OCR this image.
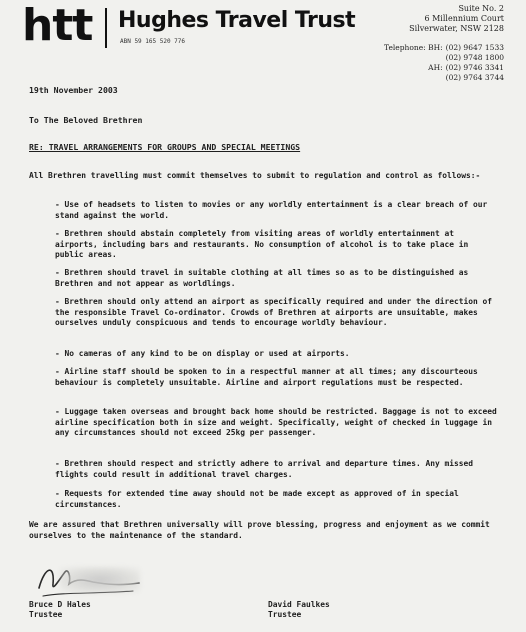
htt Hughes Travel Trust
ABN 59 165 520 776
Suite No. 2
6 Millennium Court
Silverwater, NSW 2128
Telephone: BH: (02) 9647 1533
(02) 9748 1800
AH: (02) 9746 3341
(02) 9764 3744
19th November 2003
To The Beloved Brethren
RE: TRAVEL ARRANGEMENTS FOR GROUPS AND SPECIAL MEETINGS
All Brethren travelling must commit themselves to submit to regulation and control as follows:-
- Use of headsets to listen to movies or any worldly entertainment is a clear breach of our stand against the world.
- Brethren should abstain completely from visiting areas of worldly entertainment at airports, including bars and restaurants. No consumption of alcohol is to take place in public areas.
- Brethren should travel in suitable clothing at all times so as to be distinguished as Brethren and not appear as worldlings.
- Brethren should only attend an airport as specifically required and under the direction of the responsible Travel Co-ordinator. Crowds of Brethren at airports are unsuitable, makes ourselves unduly conspicuous and tends to encourage worldly behaviour.
- No cameras of any kind to be on display or used at airports.
- Airline staff should be spoken to in a respectful manner at all times; any discourteous behaviour is completely unsuitable. Airline and airport regulations must be respected.
- Luggage taken overseas and brought back home should be restricted. Baggage is not to exceed airline specification both in size and weight. Specifically, weight of checked in luggage in any circumstances should not exceed 25kg per passenger.
- Brethren should respect and strictly adhere to arrival and departure times. Any missed flights could result in additional travel charges.
- Requests for extended time away should not be made except as approved of in special circumstances.
We are assured that Brethren universally will prove blessing, progress and enjoyment as we commit ourselves to the maintenance of the standard.
Bruce D Hales
Trustee
David Faulkes
Trustee
